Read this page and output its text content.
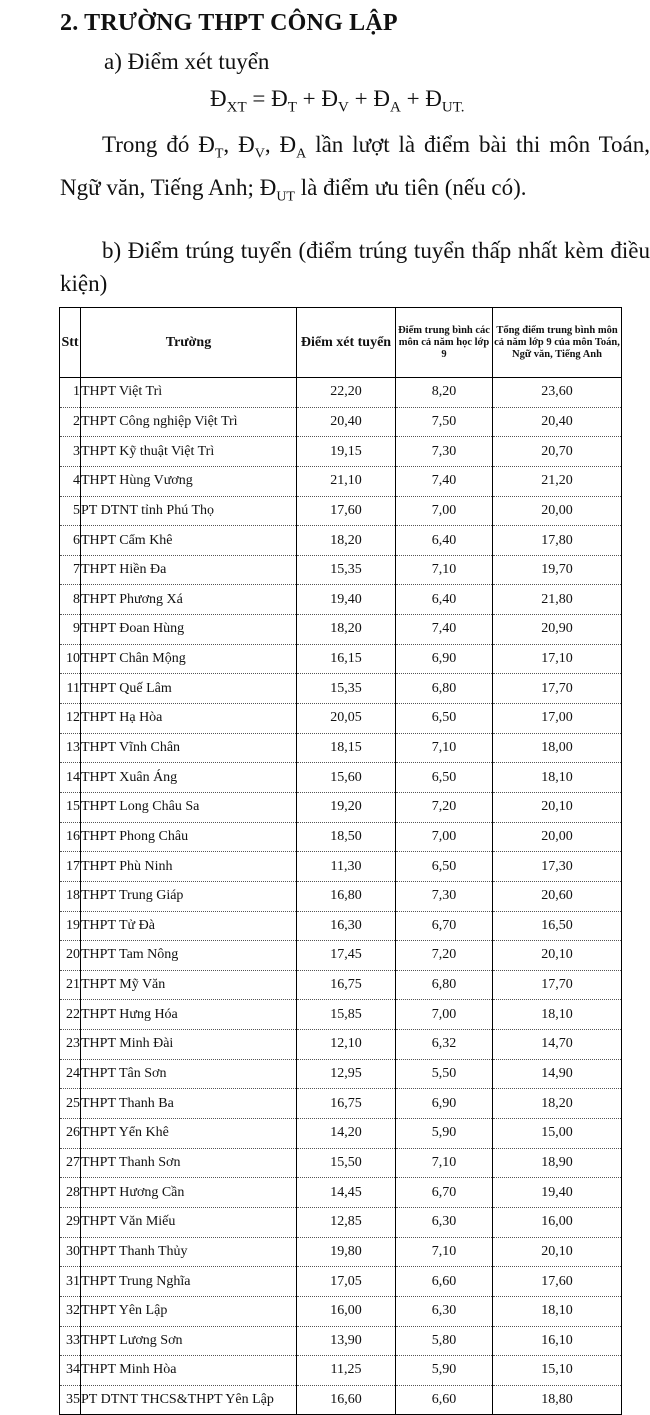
2. TRƯỜNG THPT CÔNG LẬP
a) Điểm xét tuyển
$Đ_{XT}$ = $Đ_T$ + $Đ_V$ + $Đ_A$ + $Đ_{UT.}$
Trong đó $Đ_T$, $Đ_V$, $Đ_A$ lần lượt là điểm bài thi môn Toán, Ngữ văn, Tiếng Anh; $Đ_{UT}$ là điểm ưu tiên (nếu có).
b) Điểm trúng tuyển (điểm trúng tuyển thấp nhất kèm điều kiện)
Stt	Trường	Điểm xét tuyển	Điểm trung bình các môn cả năm học lớp 9	Tổng điểm trung bình môn cả năm lớp 9 của môn Toán, Ngữ văn, Tiếng Anh
1	THPT Việt Trì	22,20	8,20	23,60
2	THPT Công nghiệp Việt Trì	20,40	7,50	20,40
3	THPT Kỹ thuật Việt Trì	19,15	7,30	20,70
4	THPT Hùng Vương	21,10	7,40	21,20
5	PT DTNT tỉnh Phú Thọ	17,60	7,00	20,00
6	THPT Cẩm Khê	18,20	6,40	17,80
7	THPT Hiền Đa	15,35	7,10	19,70
8	THPT Phương Xá	19,40	6,40	21,80
9	THPT Đoan Hùng	18,20	7,40	20,90
10	THPT Chân Mộng	16,15	6,90	17,10
11	THPT Quế Lâm	15,35	6,80	17,70
12	THPT Hạ Hòa	20,05	6,50	17,00
13	THPT Vĩnh Chân	18,15	7,10	18,00
14	THPT Xuân Áng	15,60	6,50	18,10
15	THPT Long Châu Sa	19,20	7,20	20,10
16	THPT Phong Châu	18,50	7,00	20,00
17	THPT Phù Ninh	11,30	6,50	17,30
18	THPT Trung Giáp	16,80	7,30	20,60
19	THPT Tử Đà	16,30	6,70	16,50
20	THPT Tam Nông	17,45	7,20	20,10
21	THPT Mỹ Văn	16,75	6,80	17,70
22	THPT Hưng Hóa	15,85	7,00	18,10
23	THPT Minh Đài	12,10	6,32	14,70
24	THPT Tân Sơn	12,95	5,50	14,90
25	THPT Thanh Ba	16,75	6,90	18,20
26	THPT Yển Khê	14,20	5,90	15,00
27	THPT Thanh Sơn	15,50	7,10	18,90
28	THPT Hương Cần	14,45	6,70	19,40
29	THPT Văn Miếu	12,85	6,30	16,00
30	THPT Thanh Thủy	19,80	7,10	20,10
31	THPT Trung Nghĩa	17,05	6,60	17,60
32	THPT Yên Lập	16,00	6,30	18,10
33	THPT Lương Sơn	13,90	5,80	16,10
34	THPT Minh Hòa	11,25	5,90	15,10
35	PT DTNT THCS&THPT Yên Lập	16,60	6,60	18,80
